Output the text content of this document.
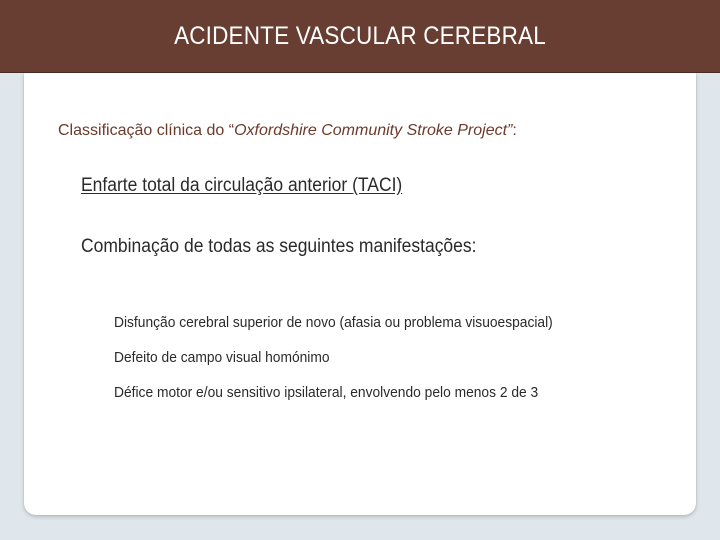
ACIDENTE VASCULAR CEREBRAL
Classificação clínica do “Oxfordshire Community Stroke Project”:
Enfarte total da circulação anterior (TACI)
Combinação de todas as seguintes manifestações:
Disfunção cerebral superior de novo (afasia ou problema visuoespacial)
Defeito de campo visual homónimo
Défice motor e/ou sensitivo ipsilateral, envolvendo pelo menos 2 de 3
